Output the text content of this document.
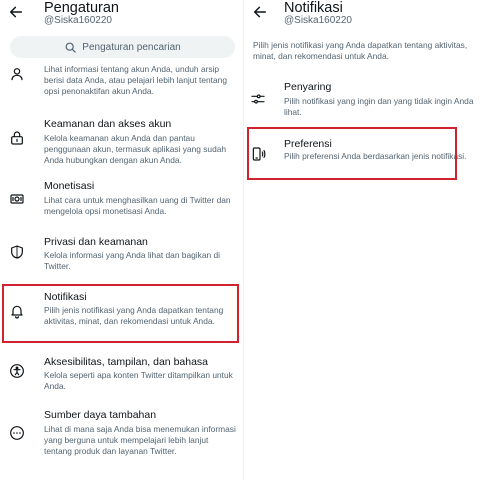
Pengaturan
@Siska160220
Pengaturan pencarian
Lihat informasi tentang akun Anda, unduh arsip berisi data Anda, atau pelajari lebih lanjut tentang opsi penonaktifan akun Anda.
Keamanan dan akses akun
Kelola keamanan akun Anda dan pantau penggunaan akun, termasuk aplikasi yang sudah Anda hubungkan dengan akun Anda.
Monetisasi
Lihat cara untuk menghasilkan uang di Twitter dan mengelola opsi monetisasi Anda.
Privasi dan keamanan
Kelola informasi yang Anda lihat dan bagikan di Twitter.
Notifikasi
Pilih jenis notifikasi yang Anda dapatkan tentang aktivitas, minat, dan rekomendasi untuk Anda.
Aksesibilitas, tampilan, dan bahasa
Kelola seperti apa konten Twitter ditampilkan untuk Anda.
Sumber daya tambahan
Lihat di mana saja Anda bisa menemukan informasi yang berguna untuk mempelajari lebih lanjut tentang produk dan layanan Twitter.
Notifikasi
@Siska160220
Pilih jenis notifikasi yang Anda dapatkan tentang aktivitas, minat, dan rekomendasi untuk Anda.
Penyaring
Pilih notifikasi yang ingin dan yang tidak ingin Anda lihat.
Preferensi
Pilih preferensi Anda berdasarkan jenis notifikasi.
